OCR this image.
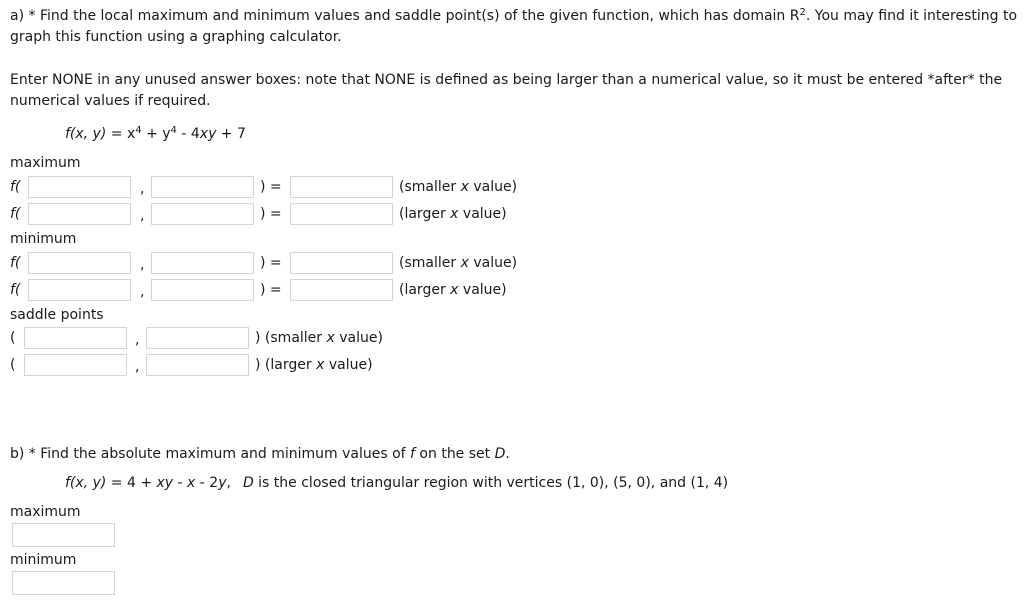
a) * Find the local maximum and minimum values and saddle point(s) of the given function, which has domain $R^2$. You may find it interesting to graph this function using a graphing calculator.
Enter NONE in any unused answer boxes: note that NONE is defined as being larger than a numerical value, so it must be entered *after* the numerical values if required.
f(x, $y) = x^4 + y^4 - 4xy + 7$
maximum
f(	,	) =	(smaller x value)
f(	,	) =	(larger x value)
minimum
f(	,	) =	(smaller x value)
f(	,	) =	(larger x value)
saddle points
(	,	) (smaller x value)
(	,	) (larger x value)
b) * Find the absolute maximum and minimum values of f on the set D.
f(x, y) = 4 + xy - x - 2y, D is the closed triangular region with vertices (1, 0), (5, 0), and (1, 4)
maximum
minimum
